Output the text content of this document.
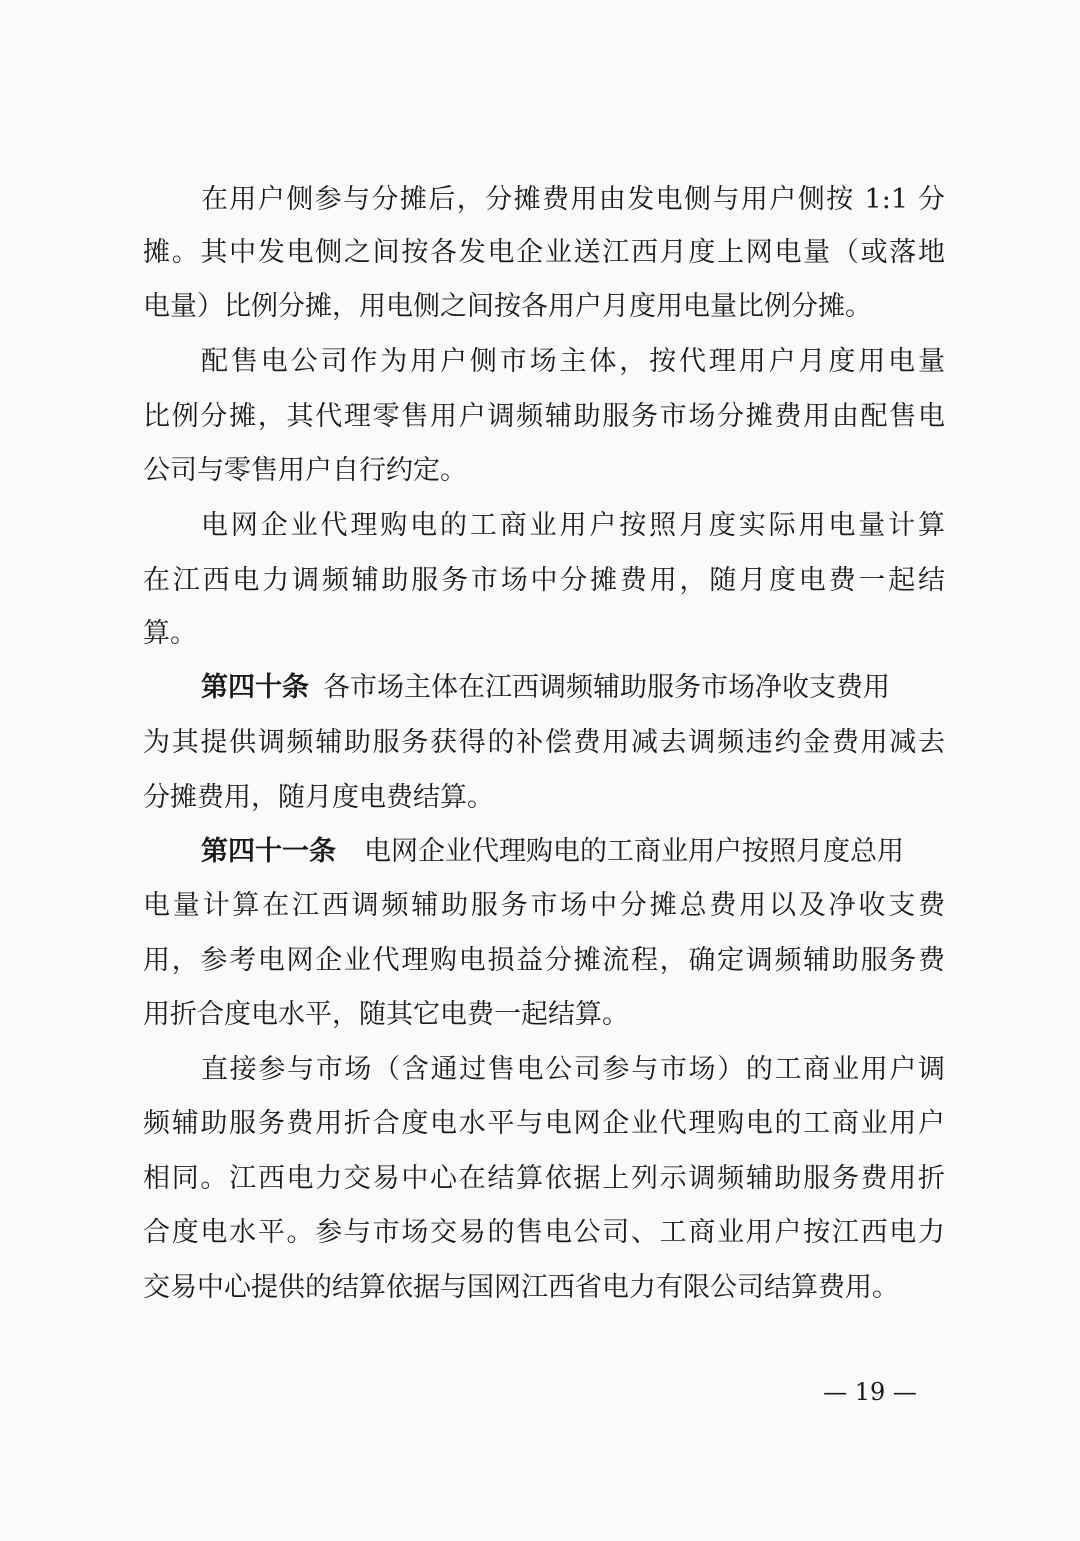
在用户侧参与分摊后，分摊费用由发电侧与用户侧按 1:1 分
摊。其中发电侧之间按各发电企业送江西月度上网电量（或落地
电量）比例分摊，用电侧之间按各用户月度用电量比例分摊。
配售电公司作为用户侧市场主体，按代理用户月度用电量
比例分摊，其代理零售用户调频辅助服务市场分摊费用由配售电
公司与零售用户自行约定。
电网企业代理购电的工商业用户按照月度实际用电量计算
在江西电力调频辅助服务市场中分摊费用，随月度电费一起结
算。
第四十条 各市场主体在江西调频辅助服务市场净收支费用
为其提供调频辅助服务获得的补偿费用减去调频违约金费用减去
分摊费用，随月度电费结算。
第四十一条 电网企业代理购电的工商业用户按照月度总用
电量计算在江西调频辅助服务市场中分摊总费用以及净收支费
用，参考电网企业代理购电损益分摊流程，确定调频辅助服务费
用折合度电水平，随其它电费一起结算。
直接参与市场（含通过售电公司参与市场）的工商业用户调
频辅助服务费用折合度电水平与电网企业代理购电的工商业用户
相同。江西电力交易中心在结算依据上列示调频辅助服务费用折
合度电水平。参与市场交易的售电公司、工商业用户按江西电力
交易中心提供的结算依据与国网江西省电力有限公司结算费用。
— 19 —
